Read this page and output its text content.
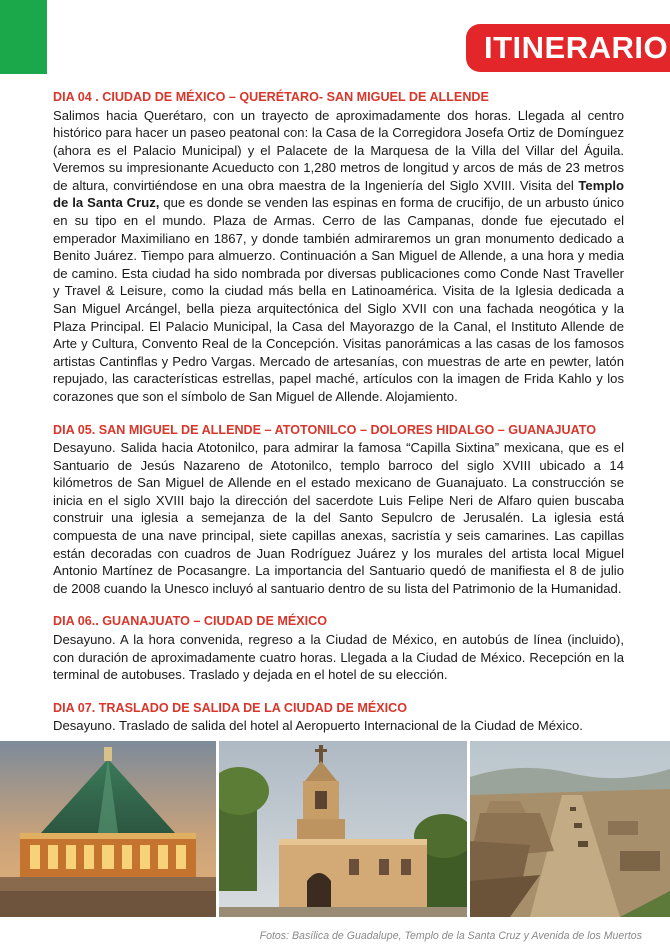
ITINERARIO
DIA 04 . CIUDAD DE MÉXICO – QUERÉTARO- SAN MIGUEL DE ALLENDE

Salimos hacia Querétaro, con un trayecto de aproximadamente dos horas. Llegada al centro histórico para hacer un paseo peatonal con: la Casa de la Corregidora Josefa Ortiz de Domínguez (ahora es el Palacio Municipal) y el Palacete de la Marquesa de la Villa del Villar del Águila. Veremos su impresionante Acueducto con 1,280 metros de longitud y arcos de más de 23 metros de altura, convirtiéndose en una obra maestra de la Ingeniería del Siglo XVIII. Visita del Templo de la Santa Cruz, que es donde se venden las espinas en forma de crucifijo, de un arbusto único en su tipo en el mundo. Plaza de Armas. Cerro de las Campanas, donde fue ejecutado el emperador Maximiliano en 1867, y donde también admiraremos un gran monumento dedicado a Benito Juárez. Tiempo para almuerzo. Continuación a San Miguel de Allende, a una hora y media de camino. Esta ciudad ha sido nombrada por diversas publicaciones como Conde Nast Traveller y Travel & Leisure, como la ciudad más bella en Latinoamérica. Visita de la Iglesia dedicada a San Miguel Arcángel, bella pieza arquitectónica del Siglo XVII con una fachada neogótica y la Plaza Principal. El Palacio Municipal, la Casa del Mayorazgo de la Canal, el Instituto Allende de Arte y Cultura, Convento Real de la Concepción. Visitas panorámicas a las casas de los famosos artistas Cantinflas y Pedro Vargas. Mercado de artesanías, con muestras de arte en pewter, latón repujado, las características estrellas, papel maché, artículos con la imagen de Frida Kahlo y los corazones que son el símbolo de San Miguel de Allende. Alojamiento.

DIA 05. SAN MIGUEL DE ALLENDE – ATOTONILCO – DOLORES HIDALGO – GUANAJUATO

Desayuno. Salida hacia Atotonilco, para admirar la famosa “Capilla Sixtina” mexicana, que es el Santuario de Jesús Nazareno de Atotonilco, templo barroco del siglo XVIII ubicado a 14 kilómetros de San Miguel de Allende en el estado mexicano de Guanajuato. La construcción se inicia en el siglo XVIII bajo la dirección del sacerdote Luis Felipe Neri de Alfaro quien buscaba construir una iglesia a semejanza de la del Santo Sepulcro de Jerusalén. La iglesia está compuesta de una nave principal, siete capillas anexas, sacristía y seis camarines. Las capillas están decoradas con cuadros de Juan Rodríguez Juárez y los murales del artista local Miguel Antonio Martínez de Pocasangre. La importancia del Santuario quedó de manifiesta el 8 de julio de 2008 cuando la Unesco incluyó al santuario dentro de su lista del Patrimonio de la Humanidad.

DIA 06.. GUANAJUATO – CIUDAD DE MÉXICO

Desayuno. A la hora convenida, regreso a la Ciudad de México, en autobús de línea (incluido), con duración de aproximadamente cuatro horas. Llegada a la Ciudad de México. Recepción en la terminal de autobuses. Traslado y dejada en el hotel de su elección.

DIA 07. TRASLADO DE SALIDA DE LA CIUDAD DE MÉXICO

Desayuno. Traslado de salida del hotel al Aeropuerto Internacional de la Ciudad de México.

Fotos: Basílica de Guadalupe, Templo de la Santa Cruz y Avenida de los Muertos
